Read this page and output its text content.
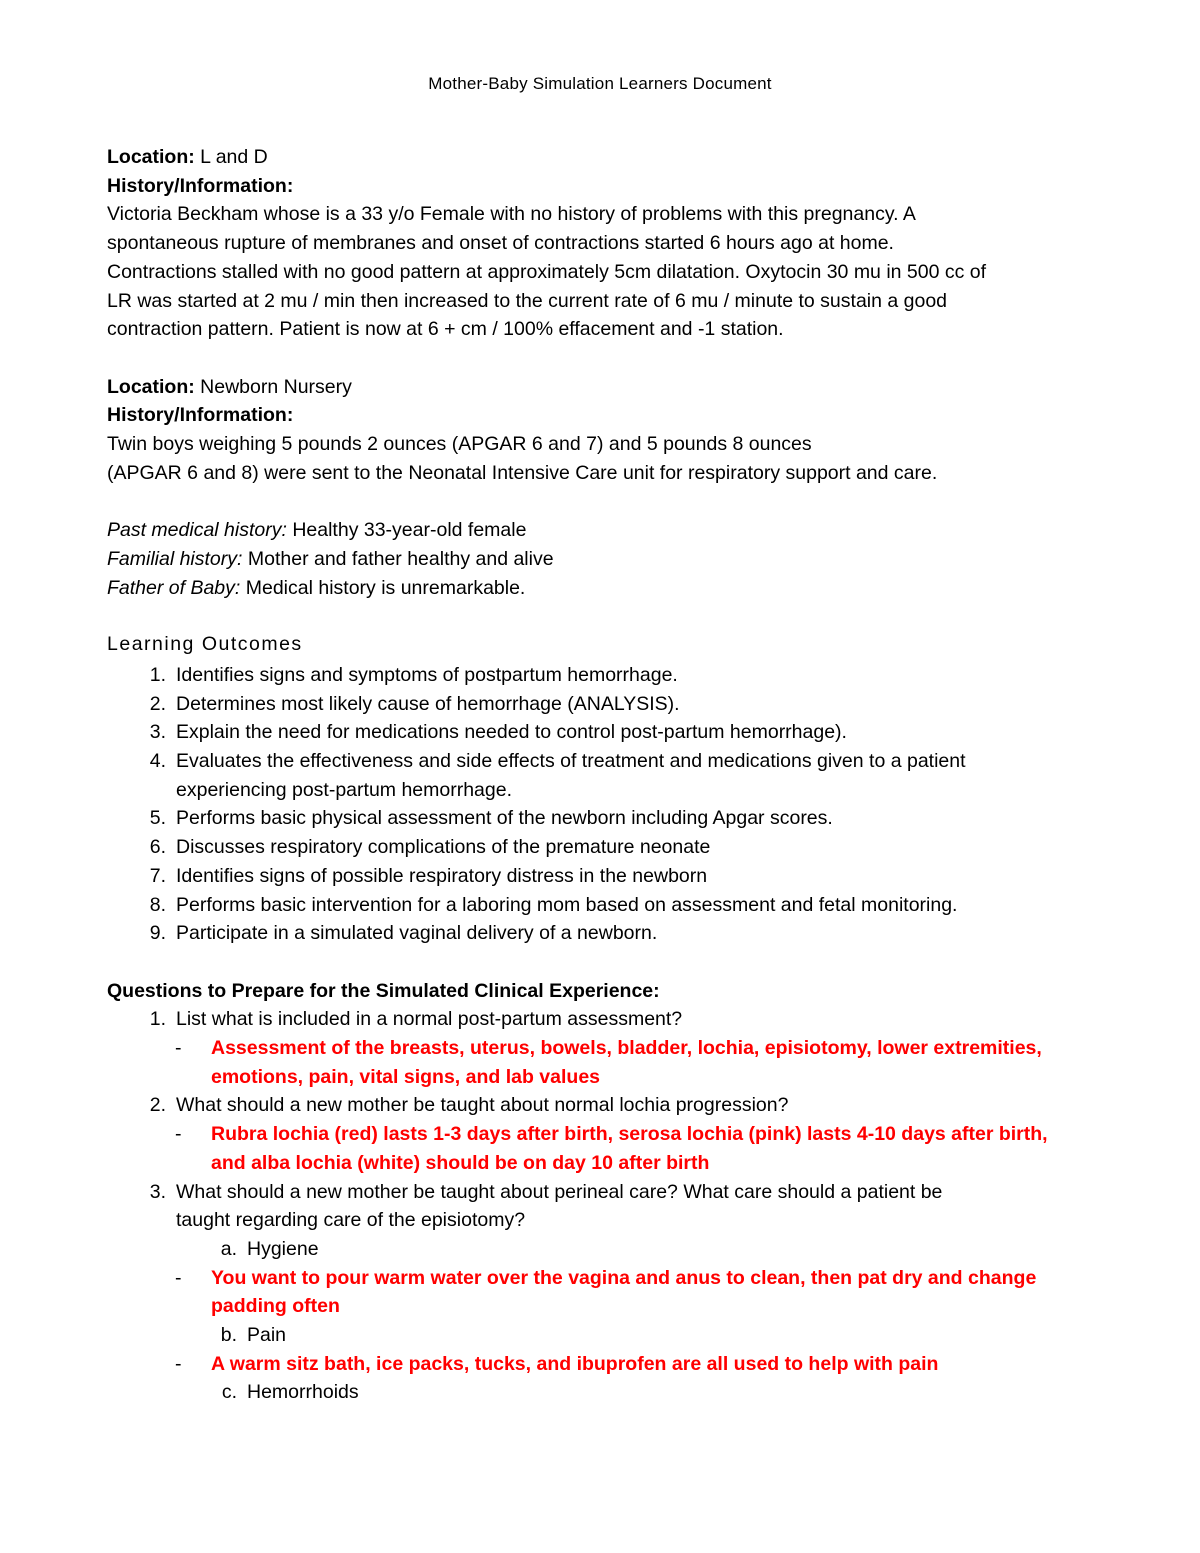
Mother-Baby Simulation Learners Document
Location: L and D
History/Information:
Victoria Beckham whose is a 33 y/o Female with no history of problems with this pregnancy. A
spontaneous rupture of membranes and onset of contractions started 6 hours ago at home.
Contractions stalled with no good pattern at approximately 5cm dilatation. Oxytocin 30 mu in 500 cc of
LR was started at 2 mu / min then increased to the current rate of 6 mu / minute to sustain a good
contraction pattern. Patient is now at 6 + cm / 100% effacement and -1 station.
Location: Newborn Nursery
History/Information:
Twin boys weighing 5 pounds 2 ounces (APGAR 6 and 7) and 5 pounds 8 ounces
(APGAR 6 and 8) were sent to the Neonatal Intensive Care unit for respiratory support and care.
Past medical history: Healthy 33-year-old female
Familial history: Mother and father healthy and alive
Father of Baby: Medical history is unremarkable.
Learning Outcomes
1. Identifies signs and symptoms of postpartum hemorrhage.
2. Determines most likely cause of hemorrhage (ANALYSIS).
3. Explain the need for medications needed to control post-partum hemorrhage).
4. Evaluates the effectiveness and side effects of treatment and medications given to a patient
experiencing post-partum hemorrhage.
5. Performs basic physical assessment of the newborn including Apgar scores.
6. Discusses respiratory complications of the premature neonate
7. Identifies signs of possible respiratory distress in the newborn
8. Performs basic intervention for a laboring mom based on assessment and fetal monitoring.
9. Participate in a simulated vaginal delivery of a newborn.
Questions to Prepare for the Simulated Clinical Experience:
1. List what is included in a normal post-partum assessment?
-	Assessment of the breasts, uterus, bowels, bladder, lochia, episiotomy, lower extremities,
emotions, pain, vital signs, and lab values
2. What should a new mother be taught about normal lochia progression?
-	Rubra lochia (red) lasts 1-3 days after birth, serosa lochia (pink) lasts 4-10 days after birth,
and alba lochia (white) should be on day 10 after birth
3. What should a new mother be taught about perineal care? What care should a patient be
taught regarding care of the episiotomy?
a. Hygiene
-	You want to pour warm water over the vagina and anus to clean, then pat dry and change
padding often
b. Pain
-	A warm sitz bath, ice packs, tucks, and ibuprofen are all used to help with pain
c. Hemorrhoids
